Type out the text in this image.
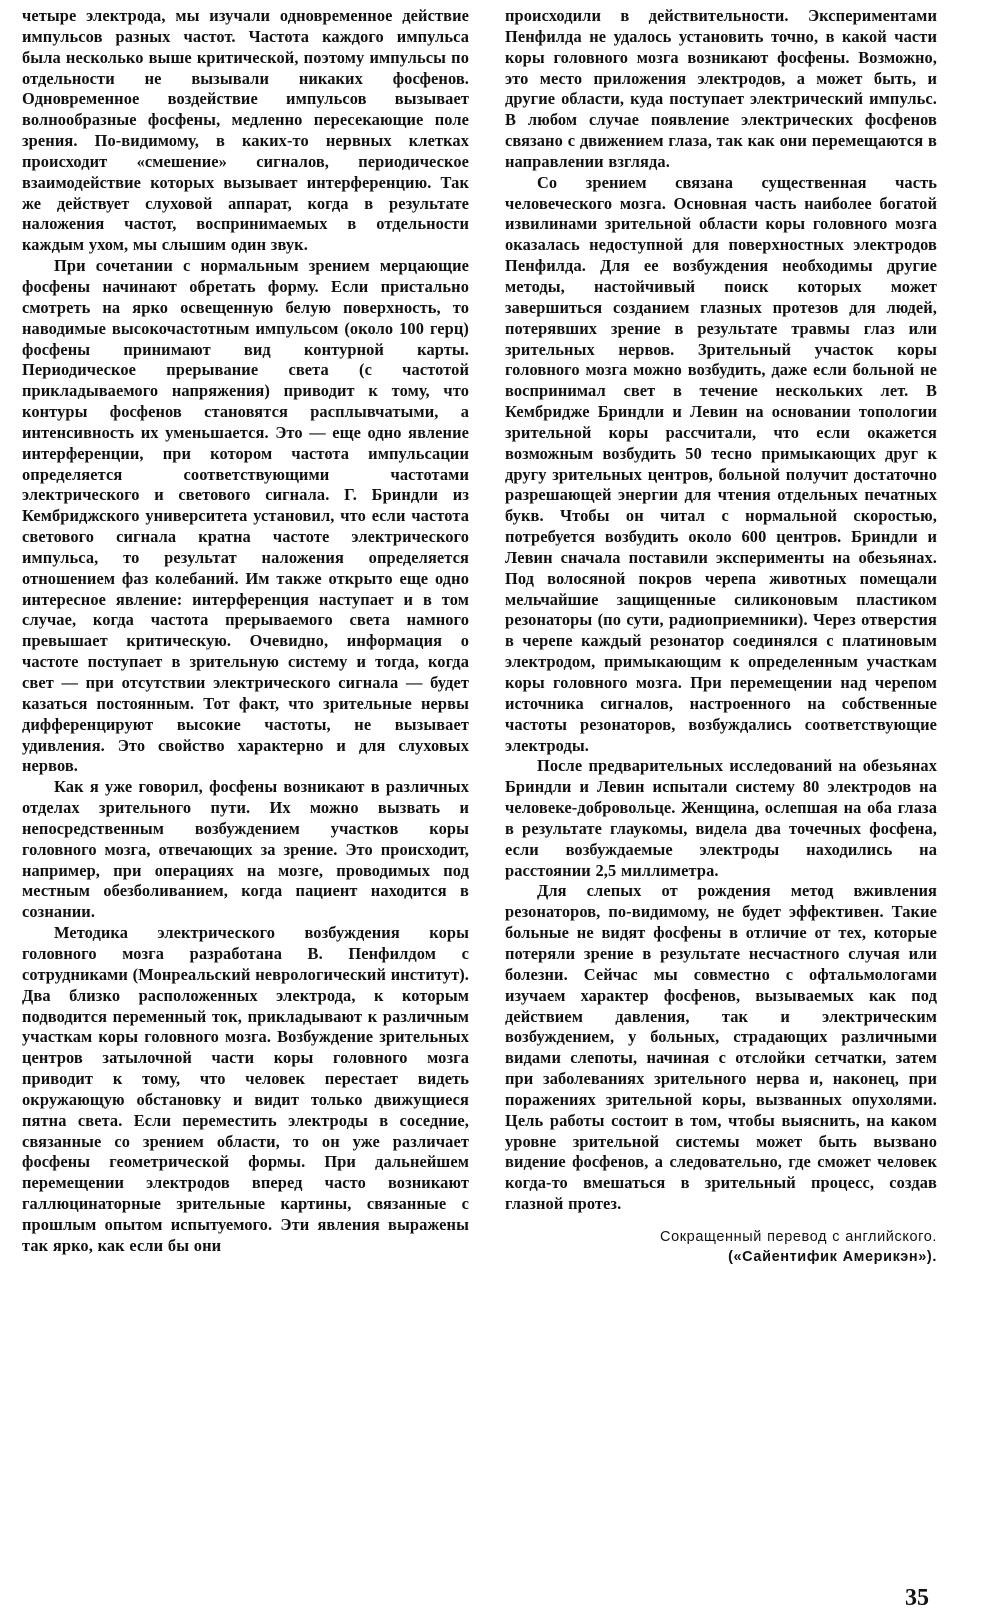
четыре электрода, мы изучали одновременное действие импульсов разных частот. Частота каждого импульса была несколько выше критической, поэтому импульсы по отдельности не вызывали никаких фосфенов. Одновременное воздействие импульсов вызывает волнообразные фосфены, медленно пересекающие поле зрения. По-видимому, в каких-то нервных клетках происходит «смешение» сигналов, периодическое взаимодействие которых вызывает интерференцию. Так же действует слуховой аппарат, когда в результате наложения частот, воспринимаемых в отдельности каждым ухом, мы слышим один звук.

При сочетании с нормальным зрением мерцающие фосфены начинают обретать форму. Если пристально смотреть на ярко освещенную белую поверхность, то наводимые высокочастотным импульсом (около 100 герц) фосфены принимают вид контурной карты. Периодическое прерывание света (с частотой прикладываемого напряжения) приводит к тому, что контуры фосфенов становятся расплывчатыми, а интенсивность их уменьшается. Это — еще одно явление интерференции, при котором частота импульсации определяется соответствующими частотами электрического и светового сигнала. Г. Бриндли из Кембриджского университета установил, что если частота светового сигнала кратна частоте электрического импульса, то результат наложения определяется отношением фаз колебаний. Им также открыто еще одно интересное явление: интерференция наступает и в том случае, когда частота прерываемого света намного превышает критическую. Очевидно, информация о частоте поступает в зрительную систему и тогда, когда свет — при отсутствии электрического сигнала — будет казаться постоянным. Тот факт, что зрительные нервы дифференцируют высокие частоты, не вызывает удивления. Это свойство характерно и для слуховых нервов.

Как я уже говорил, фосфены возникают в различных отделах зрительного пути. Их можно вызвать и непосредственным возбуждением участков коры головного мозга, отвечающих за зрение. Это происходит, например, при операциях на мозге, проводимых под местным обезболиванием, когда пациент находится в сознании.

Методика электрического возбуждения коры головного мозга разработана В. Пенфилдом с сотрудниками (Монреальский неврологический институт). Два близко расположенных электрода, к которым подводится переменный ток, прикладывают к различным участкам коры головного мозга. Возбуждение зрительных центров затылочной части коры головного мозга приводит к тому, что человек перестает видеть окружающую обстановку и видит только движущиеся пятна света. Если переместить электроды в соседние, связанные со зрением области, то он уже различает фосфены геометрической формы. При дальнейшем перемещении электродов вперед часто возникают галлюцинаторные зрительные картины, связанные с прошлым опытом испытуемого. Эти явления выражены так ярко, как если бы они

происходили в действительности. Экспериментами Пенфилда не удалось установить точно, в какой части коры головного мозга возникают фосфены. Возможно, это место приложения электродов, а может быть, и другие области, куда поступает электрический импульс. В любом случае появление электрических фосфенов связано с движением глаза, так как они перемещаются в направлении взгляда.

Со зрением связана существенная часть человеческого мозга. Основная часть наиболее богатой извилинами зрительной области коры головного мозга оказалась недоступной для поверхностных электродов Пенфилда. Для ее возбуждения необходимы другие методы, настойчивый поиск которых может завершиться созданием глазных протезов для людей, потерявших зрение в результате травмы глаз или зрительных нервов. Зрительный участок коры головного мозга можно возбудить, даже если больной не воспринимал свет в течение нескольких лет. В Кембридже Бриндли и Левин на основании топологии зрительной коры рассчитали, что если окажется возможным возбудить 50 тесно примыкающих друг к другу зрительных центров, больной получит достаточно разрешающей энергии для чтения отдельных печатных букв. Чтобы он читал с нормальной скоростью, потребуется возбудить около 600 центров. Бриндли и Левин сначала поставили эксперименты на обезьянах. Под волосяной покров черепа животных помещали мельчайшие защищенные силиконовым пластиком резонаторы (по сути, радиоприемники). Через отверстия в черепе каждый резонатор соединялся с платиновым электродом, примыкающим к определенным участкам коры головного мозга. При перемещении над черепом источника сигналов, настроенного на собственные частоты резонаторов, возбуждались соответствующие электроды.

После предварительных исследований на обезьянах Бриндли и Левин испытали систему 80 электродов на человеке-добровольце. Женщина, ослепшая на оба глаза в результате глаукомы, видела два точечных фосфена, если возбуждаемые электроды находились на расстоянии 2,5 миллиметра.

Для слепых от рождения метод вживления резонаторов, по-видимому, не будет эффективен. Такие больные не видят фосфены в отличие от тех, которые потеряли зрение в результате несчастного случая или болезни. Сейчас мы совместно с офтальмологами изучаем характер фосфенов, вызываемых как под действием давления, так и электрическим возбуждением, у больных, страдающих различными видами слепоты, начиная с отслойки сетчатки, затем при заболеваниях зрительного нерва и, наконец, при поражениях зрительной коры, вызванных опухолями. Цель работы состоит в том, чтобы выяснить, на каком уровне зрительной системы может быть вызвано видение фосфенов, а следовательно, где сможет человек когда-то вмешаться в зрительный процесс, создав глазной протез.

Сокращенный перевод с английского.
(«Сайентифик Америкэн»).
35
